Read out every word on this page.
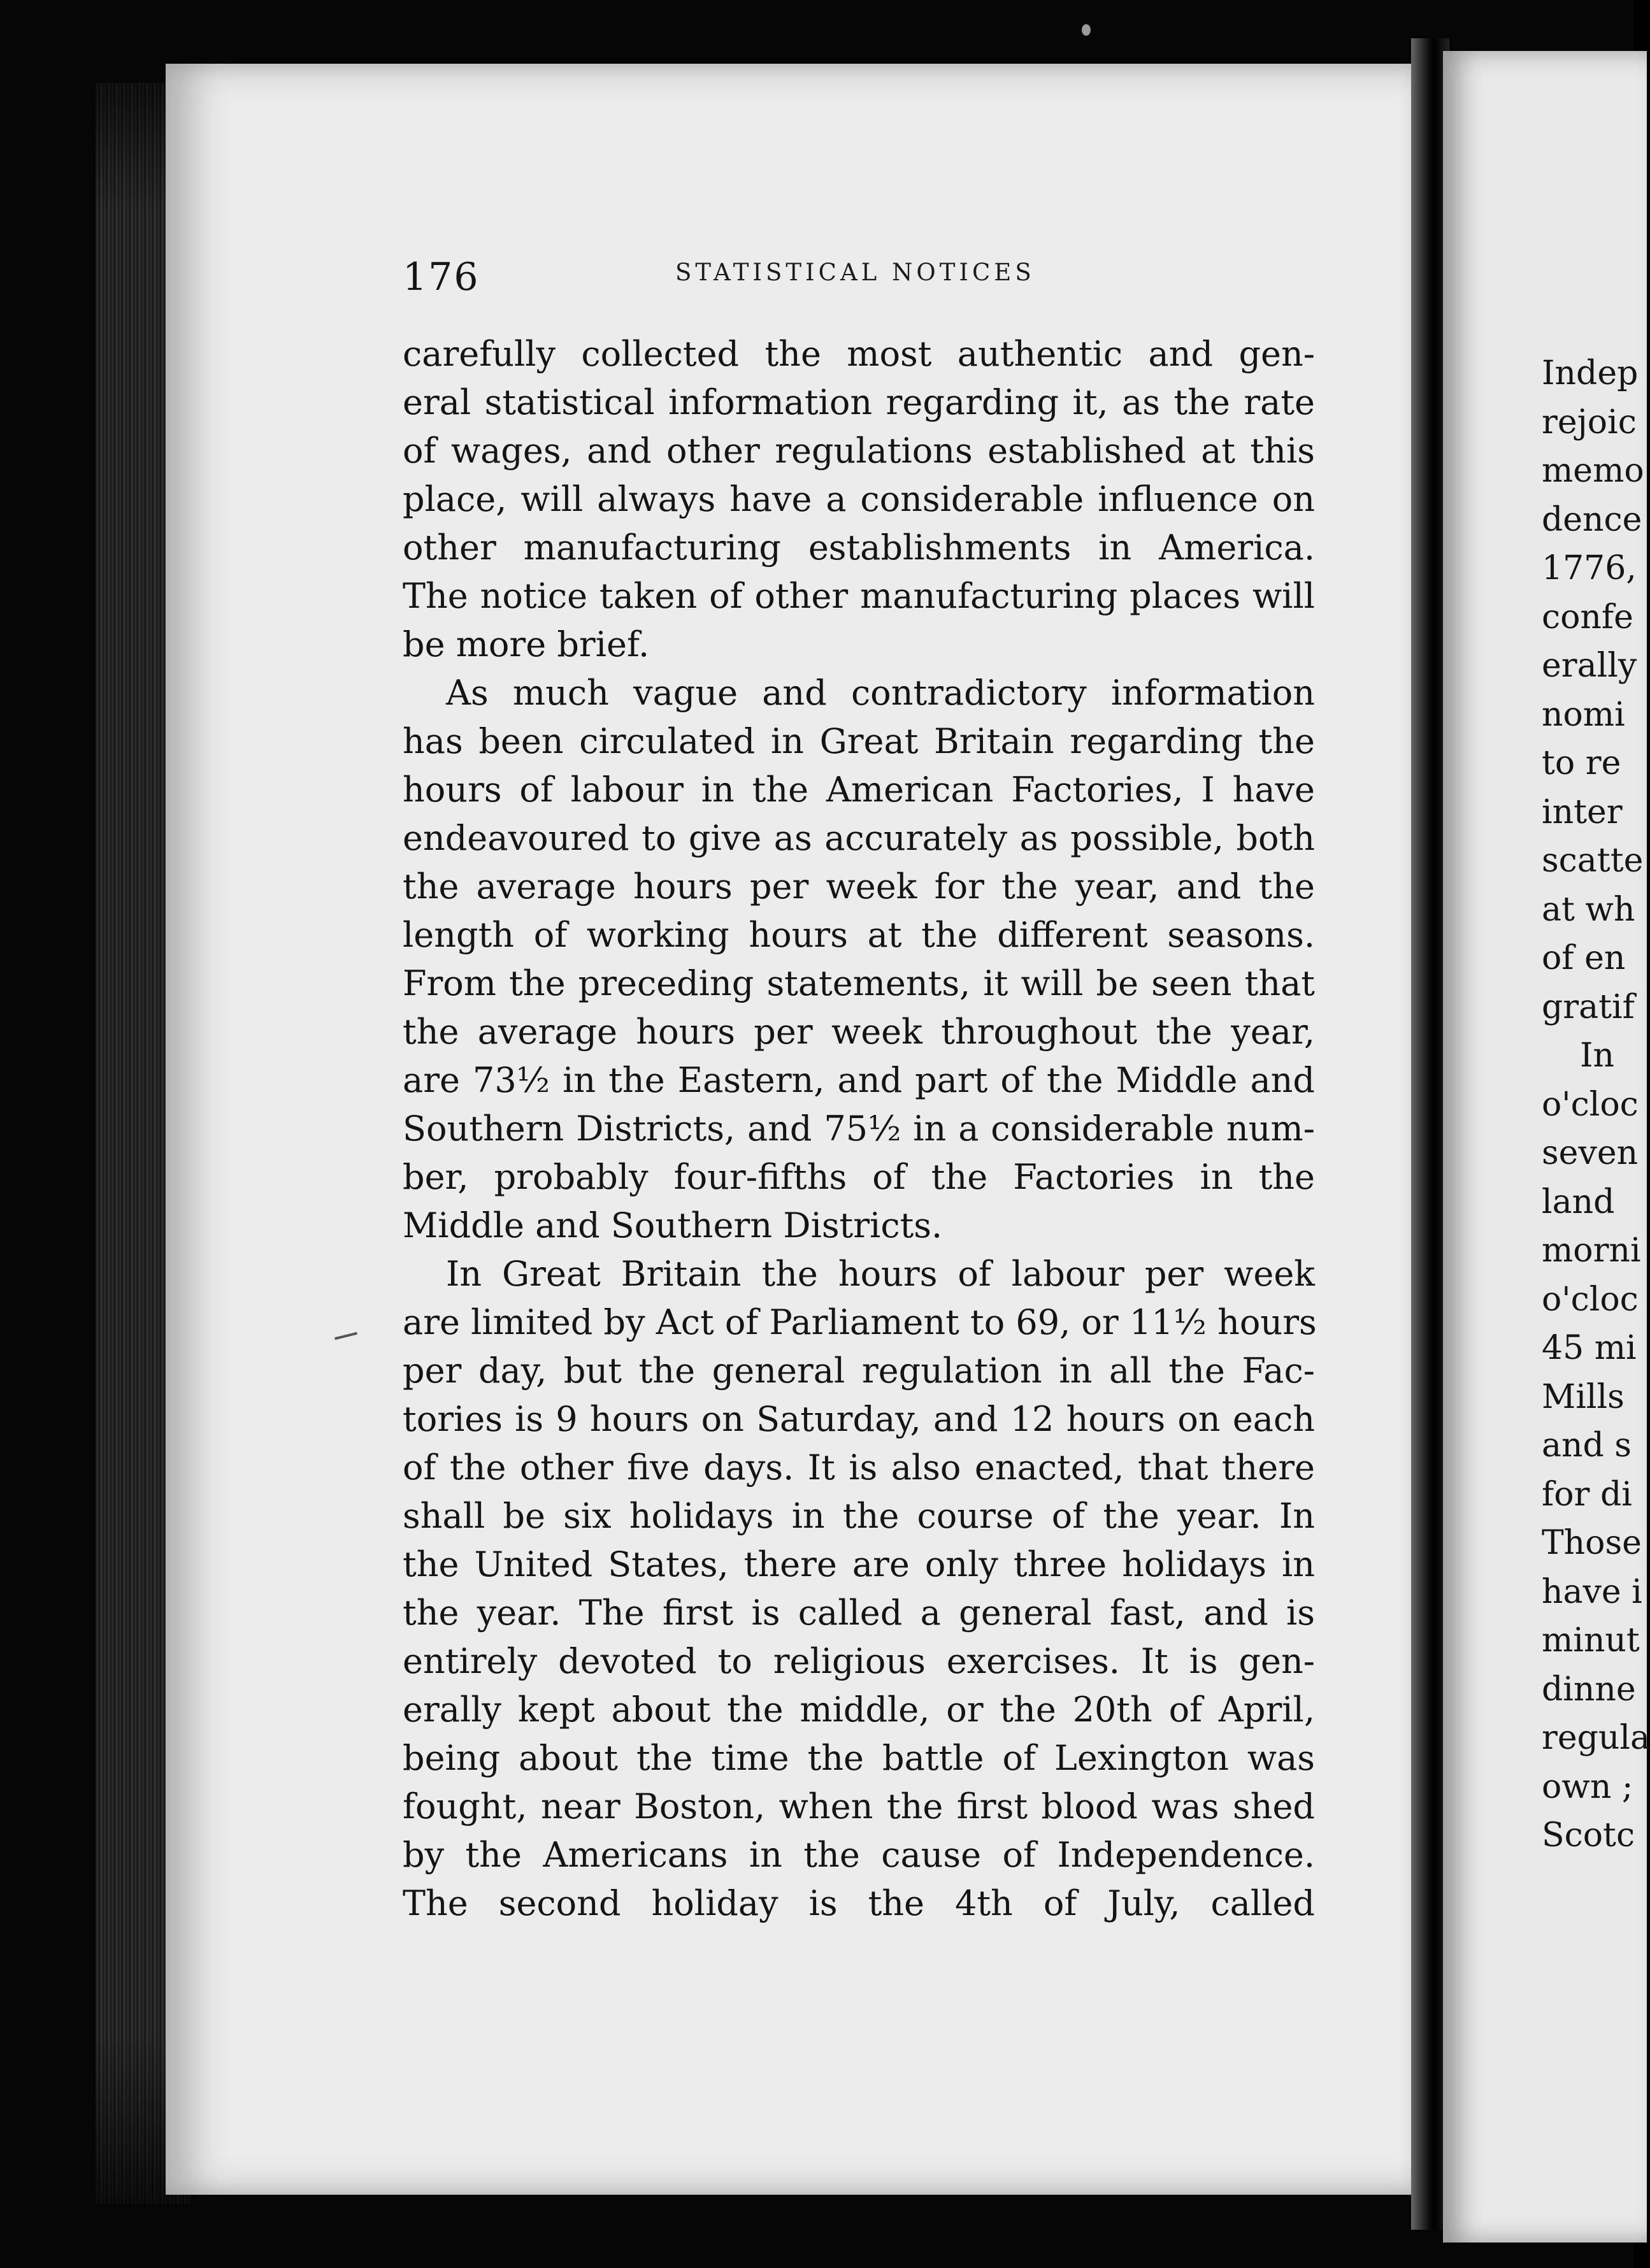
176	STATISTICAL NOTICES
carefully collected the most authentic and gen-
eral statistical information regarding it, as the rate
of wages, and other regulations established at this
place, will always have a considerable influence on
other manufacturing establishments in America.
The notice taken of other manufacturing places will
be more brief.
As much vague and contradictory information
has been circulated in Great Britain regarding the
hours of labour in the American Factories, I have
endeavoured to give as accurately as possible, both
the average hours per week for the year, and the
length of working hours at the different seasons.
From the preceding statements, it will be seen that
the average hours per week throughout the year,
are 73½ in the Eastern, and part of the Middle and
Southern Districts, and 75½ in a considerable num-
ber, probably four-fifths of the Factories in the
Middle and Southern Districts.
In Great Britain the hours of labour per week
are limited by Act of Parliament to 69, or 11½ hours
per day, but the general regulation in all the Fac-
tories is 9 hours on Saturday, and 12 hours on each
of the other five days. It is also enacted, that there
shall be six holidays in the course of the year. In
the United States, there are only three holidays in
the year. The first is called a general fast, and is
entirely devoted to religious exercises. It is gen-
erally kept about the middle, or the 20th of April,
being about the time the battle of Lexington was
fought, near Boston, when the first blood was shed
by the Americans in the cause of Independence.
The second holiday is the 4th of July, called
Indep
rejoic
memo
dence
1776,
confe
erally
nomi
to re
inter
scatte
at wh
of en
gratif
In
o'cloc
seven
land
morni
o'cloc
45 mi
Mills
and s
for di
Those
have i
minut
dinne
regula
own ;
Scotc
